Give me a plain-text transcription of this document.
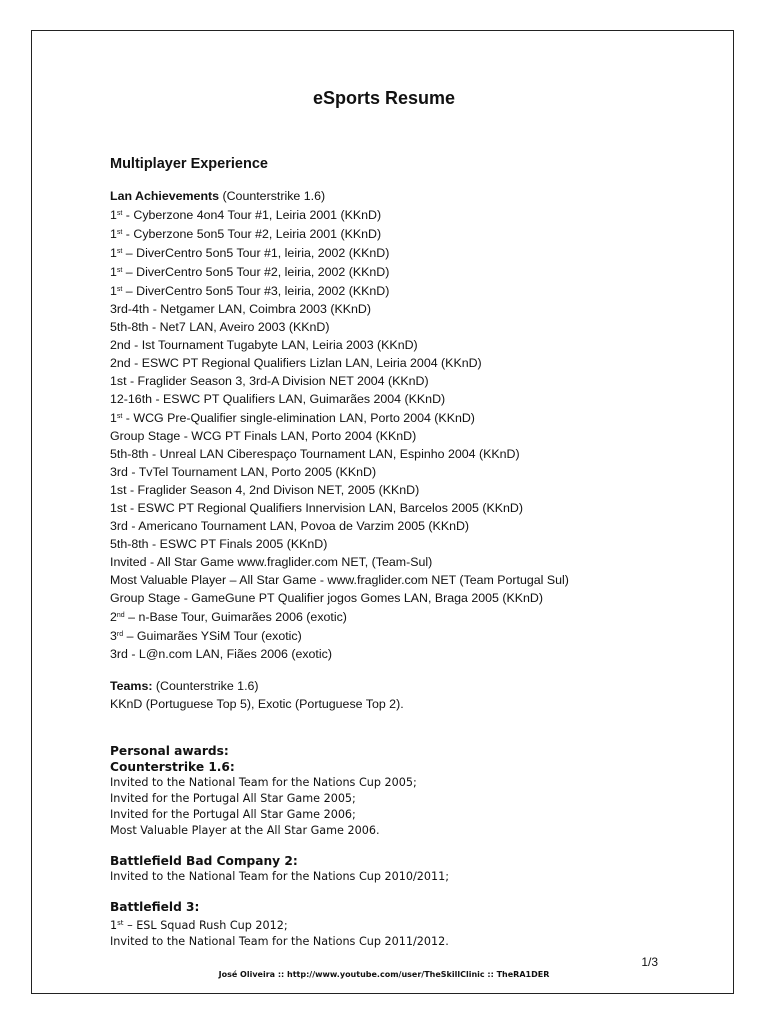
eSports Resume
Multiplayer Experience
Lan Achievements (Counterstrike 1.6)
1st - Cyberzone 4on4 Tour #1, Leiria 2001 (KKnD)
1st - Cyberzone 5on5 Tour #2, Leiria 2001 (KKnD)
1st – DiverCentro 5on5 Tour #1, leiria, 2002 (KKnD)
1st – DiverCentro 5on5 Tour #2, leiria, 2002 (KKnD)
1st – DiverCentro 5on5 Tour #3, leiria, 2002 (KKnD)
3rd-4th - Netgamer LAN, Coimbra 2003 (KKnD)
5th-8th - Net7 LAN, Aveiro 2003 (KKnD)
2nd - Ist Tournament Tugabyte LAN, Leiria 2003 (KKnD)
2nd - ESWC PT Regional Qualifiers Lizlan LAN, Leiria 2004 (KKnD)
1st - Fraglider Season 3, 3rd-A Division NET 2004 (KKnD)
12-16th - ESWC PT Qualifiers LAN, Guimarães 2004 (KKnD)
1st - WCG Pre-Qualifier single-elimination LAN, Porto 2004 (KKnD)
Group Stage - WCG PT Finals LAN, Porto 2004 (KKnD)
5th-8th - Unreal LAN Ciberespaço Tournament LAN, Espinho 2004 (KKnD)
3rd - TvTel Tournament LAN, Porto 2005 (KKnD)
1st - Fraglider Season 4, 2nd Divison NET, 2005 (KKnD)
1st - ESWC PT Regional Qualifiers Innervision LAN, Barcelos 2005 (KKnD)
3rd - Americano Tournament LAN, Povoa de Varzim 2005 (KKnD)
5th-8th - ESWC PT Finals 2005 (KKnD)
Invited - All Star Game www.fraglider.com NET, (Team-Sul)
Most Valuable Player – All Star Game - www.fraglider.com NET (Team Portugal Sul)
Group Stage - GameGune PT Qualifier jogos Gomes LAN, Braga 2005 (KKnD)
2nd – n-Base Tour, Guimarães 2006 (exotic)
3rd – Guimarães YSiM Tour (exotic)
3rd - L@n.com LAN, Fiães 2006 (exotic)
Teams: (Counterstrike 1.6)
KKnD (Portuguese Top 5), Exotic (Portuguese Top 2).
Personal awards:
Counterstrike 1.6:
Invited to the National Team for the Nations Cup 2005;
Invited for the Portugal All Star Game 2005;
Invited for the Portugal All Star Game 2006;
Most Valuable Player at the All Star Game 2006.
Battlefield Bad Company 2:
Invited to the National Team for the Nations Cup 2010/2011;
Battlefield 3:
1st – ESL Squad Rush Cup 2012;
Invited to the National Team for the Nations Cup 2011/2012.
1/3
José Oliveira :: http://www.youtube.com/user/TheSkillClinic :: TheRA1DER
